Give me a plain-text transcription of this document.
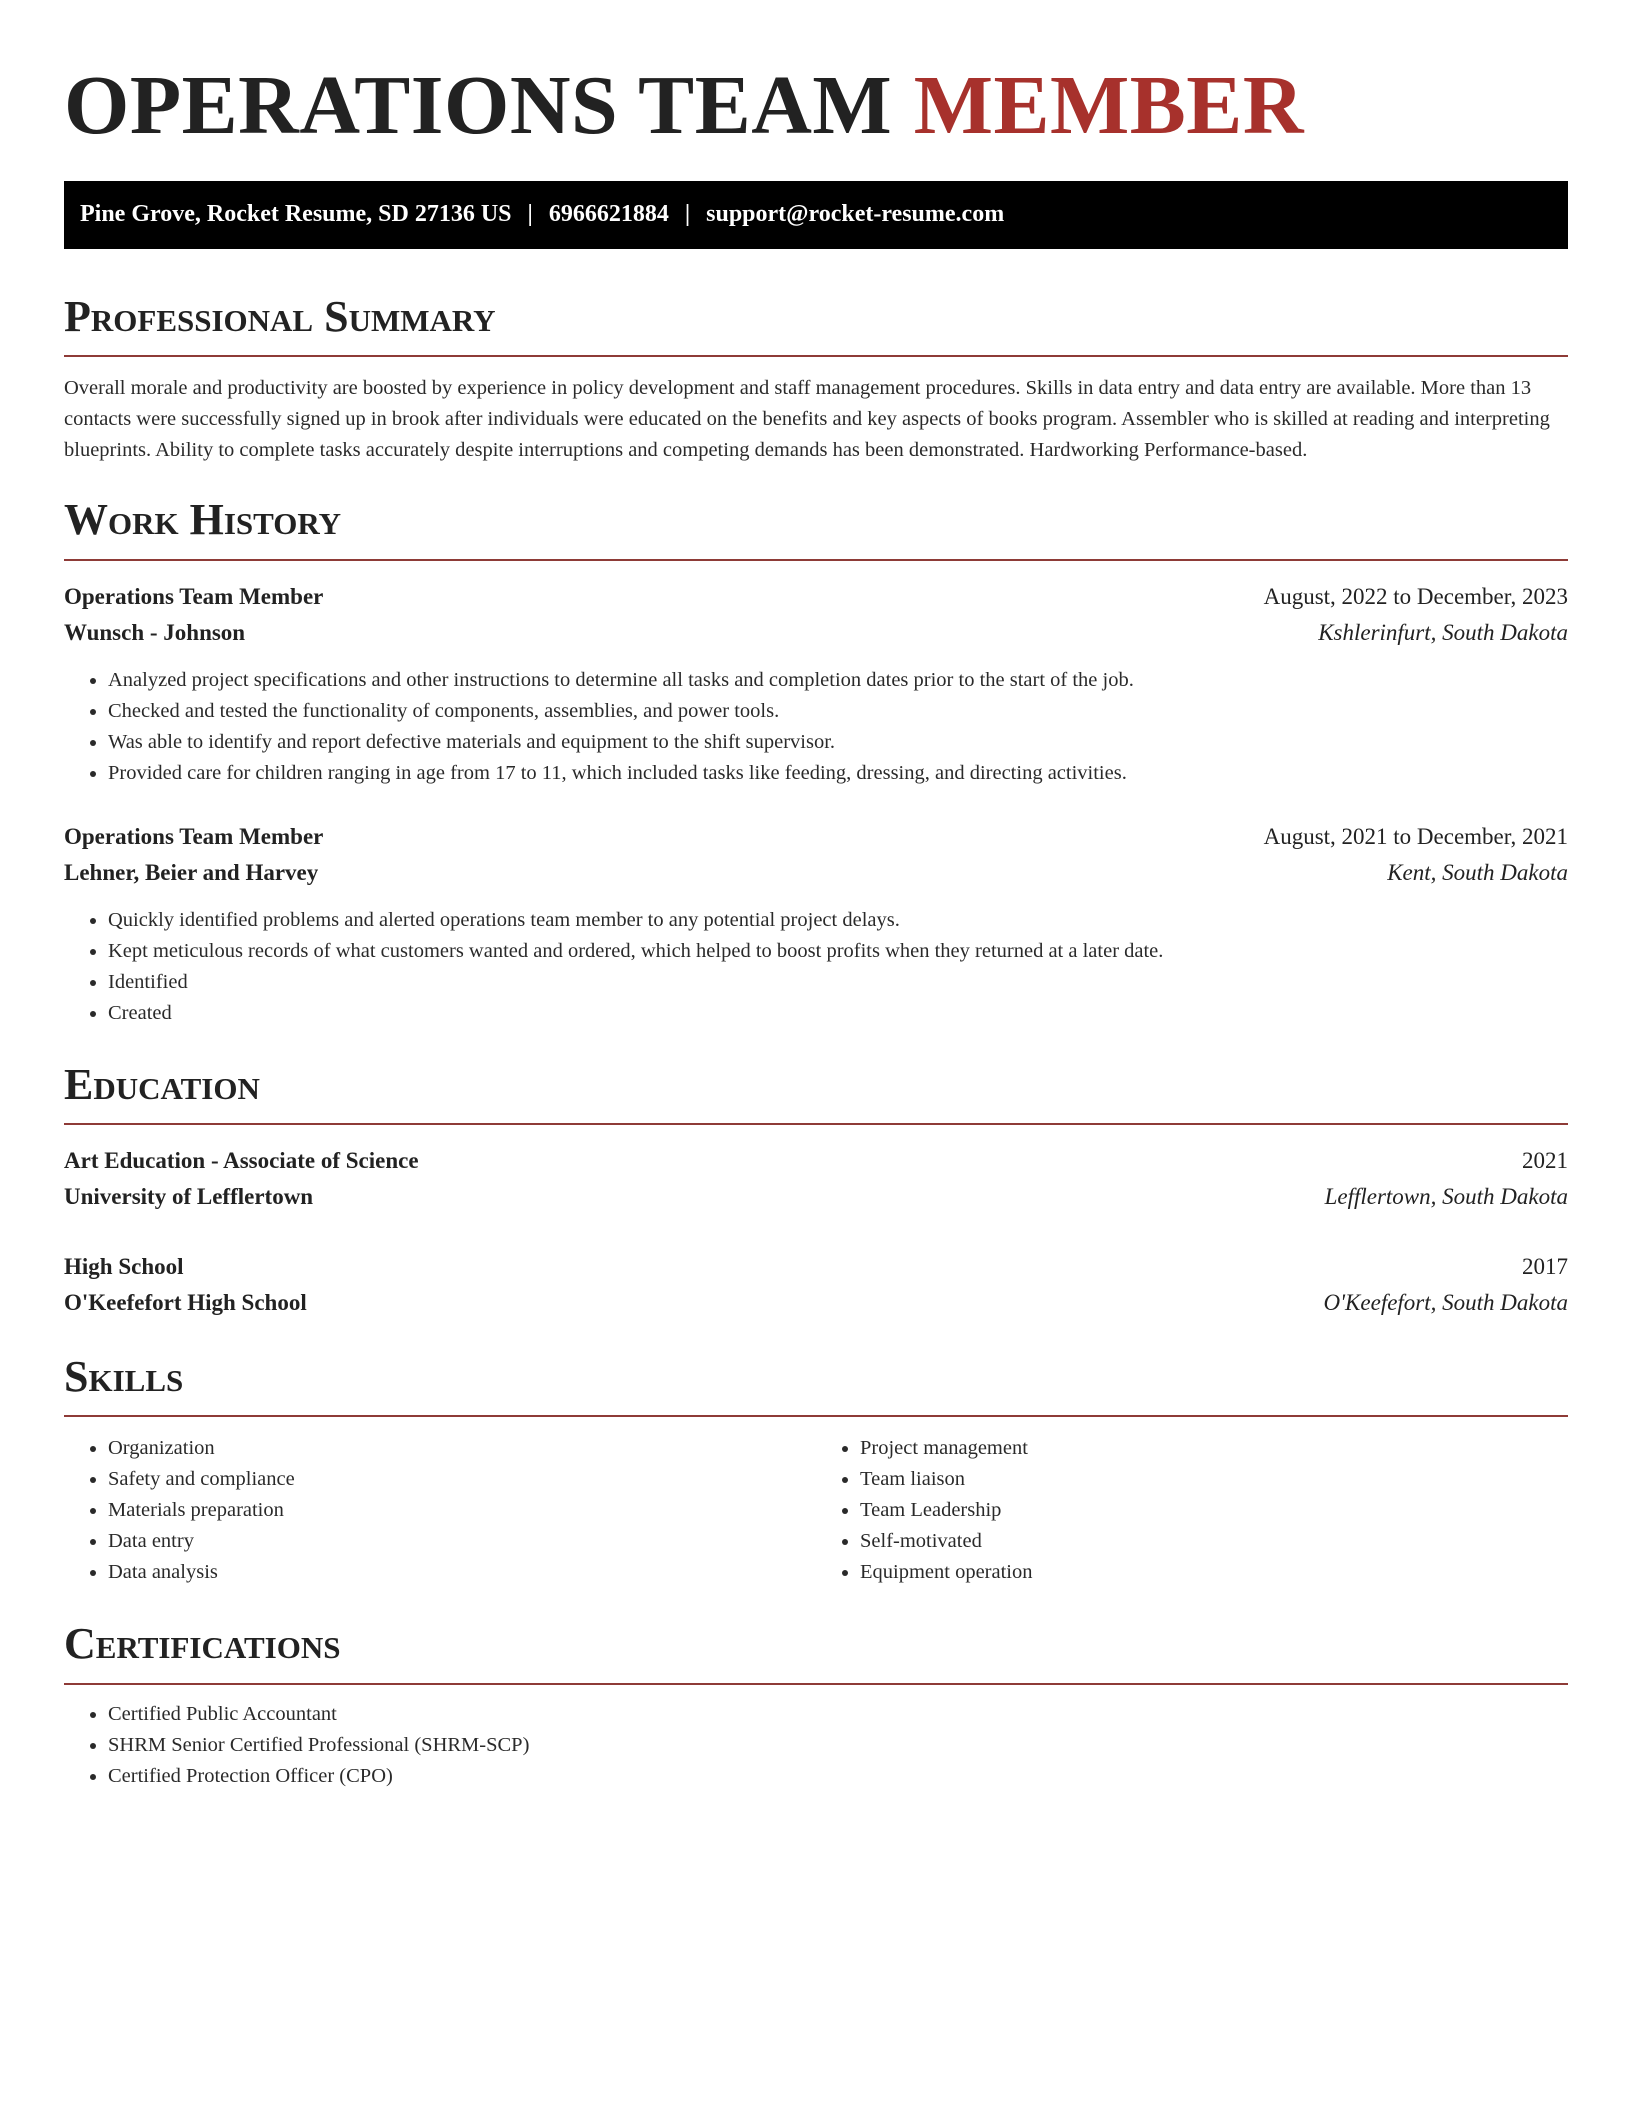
OPERATIONS TEAM MEMBER
Pine Grove, Rocket Resume, SD 27136 US | 6966621884 | support@rocket-resume.com
Professional Summary

Overall morale and productivity are boosted by experience in policy development and staff management procedures. Skills in data entry and data entry are available. More than 13 contacts were successfully signed up in brook after individuals were educated on the benefits and key aspects of books program. Assembler who is skilled at reading and interpreting blueprints. Ability to complete tasks accurately despite interruptions and competing demands has been demonstrated. Hardworking Performance-based.

Work History
Operations Team Member	August, 2022 to December, 2023
Wunsch - Johnson	Kshlerinfurt, South Dakota
• Analyzed project specifications and other instructions to determine all tasks and completion dates prior to the start of the job.
• Checked and tested the functionality of components, assemblies, and power tools.
• Was able to identify and report defective materials and equipment to the shift supervisor.
• Provided care for children ranging in age from 17 to 11, which included tasks like feeding, dressing, and directing activities.
Operations Team Member	August, 2021 to December, 2021
Lehner, Beier and Harvey	Kent, South Dakota
• Quickly identified problems and alerted operations team member to any potential project delays.
• Kept meticulous records of what customers wanted and ordered, which helped to boost profits when they returned at a later date.
• Identified
• Created
Education
Art Education - Associate of Science	2021
University of Lefflertown	Lefflertown, South Dakota
High School	2017
O'Keefefort High School	O'Keefefort, South Dakota
Skills
• Organization
• Safety and compliance
• Materials preparation
• Data entry
• Data analysis
• Project management
• Team liaison
• Team Leadership
• Self-motivated
• Equipment operation
Certifications
• Certified Public Accountant
• SHRM Senior Certified Professional (SHRM-SCP)
• Certified Protection Officer (CPO)
